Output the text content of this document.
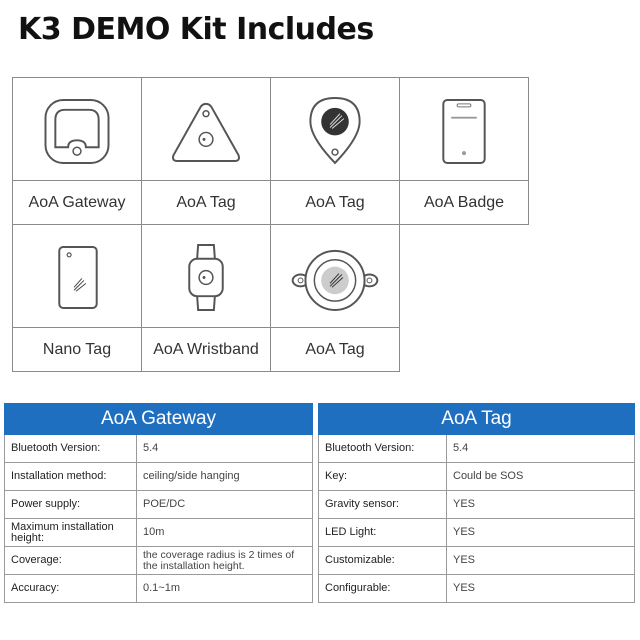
K3 DEMO Kit Includes
AoA Gateway	AoA Tag	AoA Tag	AoA Badge
Nano Tag	AoA Wristband	AoA Tag
AoA Gateway	
Bluetooth Version:	5.4
Installation method:	ceiling/side hanging
Power supply:	POE/DC
Maximum installation height:	10m
Coverage:	the coverage radius is 2 times of the installation height.
Accuracy:	0.1~1m
AoA Tag	
Bluetooth Version:	5.4
Key:	Could be SOS
Gravity sensor:	YES
LED Light:	YES
Customizable:	YES
Configurable:	YES
